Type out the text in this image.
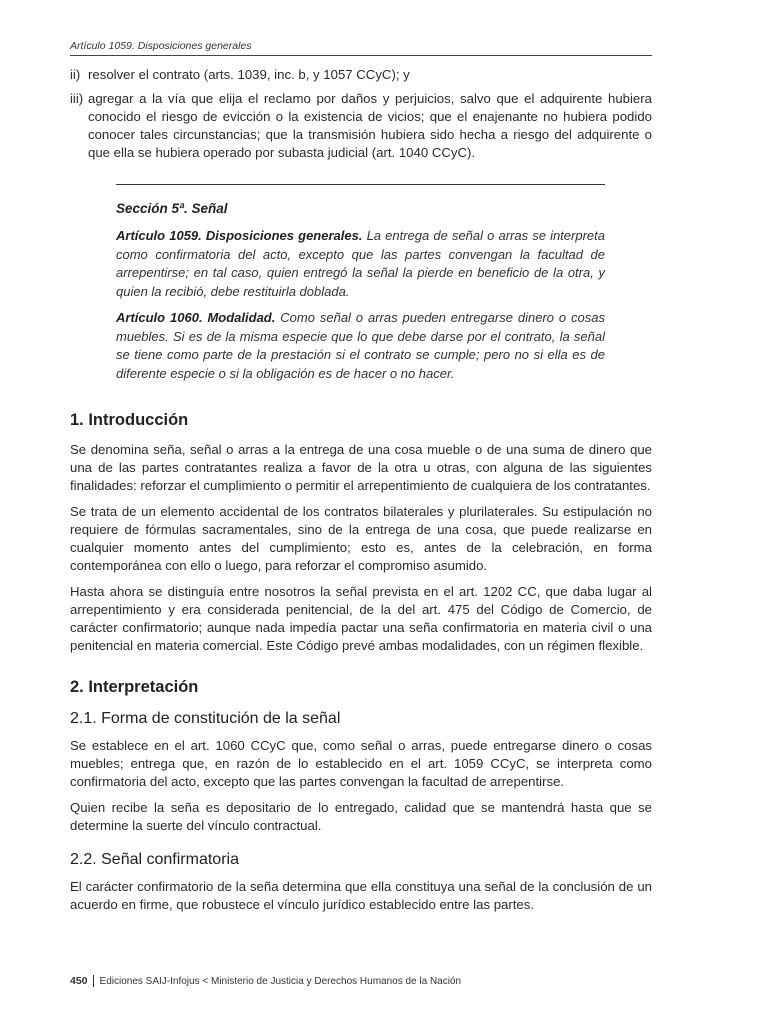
Artículo 1059. Disposiciones generales
ii) resolver el contrato (arts. 1039, inc. b, y 1057 CCyC); y
iii) agregar a la vía que elija el reclamo por daños y perjuicios, salvo que el adquirente hubiera conocido el riesgo de evicción o la existencia de vicios; que el enajenante no hubiera podido conocer tales circunstancias; que la transmisión hubiera sido hecha a riesgo del adquirente o que ella se hubiera operado por subasta judicial (art. 1040 CCyC).
Sección 5ª. Señal

Artículo 1059. Disposiciones generales. La entrega de señal o arras se interpreta como confirmatoria del acto, excepto que las partes convengan la facultad de arrepentirse; en tal caso, quien entregó la señal la pierde en beneficio de la otra, y quien la recibió, debe restituirla doblada.

Artículo 1060. Modalidad. Como señal o arras pueden entregarse dinero o cosas muebles. Si es de la misma especie que lo que debe darse por el contrato, la señal se tiene como parte de la prestación si el contrato se cumple; pero no si ella es de diferente especie o si la obligación es de hacer o no hacer.

1. Introducción

Se denomina seña, señal o arras a la entrega de una cosa mueble o de una suma de dinero que una de las partes contratantes realiza a favor de la otra u otras, con alguna de las siguientes finalidades: reforzar el cumplimiento o permitir el arrepentimiento de cualquiera de los contratantes.

Se trata de un elemento accidental de los contratos bilaterales y plurilaterales. Su estipulación no requiere de fórmulas sacramentales, sino de la entrega de una cosa, que puede realizarse en cualquier momento antes del cumplimiento; esto es, antes de la celebración, en forma contemporánea con ello o luego, para reforzar el compromiso asumido.

Hasta ahora se distinguía entre nosotros la señal prevista en el art. 1202 CC, que daba lugar al arrepentimiento y era considerada penitencial, de la del art. 475 del Código de Comercio, de carácter confirmatorio; aunque nada impedía pactar una seña confirmatoria en materia civil o una penitencial en materia comercial. Este Código prevé ambas modalidades, con un régimen flexible.

2. Interpretación
2.1. Forma de constitución de la señal

Se establece en el art. 1060 CCyC que, como señal o arras, puede entregarse dinero o cosas muebles; entrega que, en razón de lo establecido en el art. 1059 CCyC, se interpreta como confirmatoria del acto, excepto que las partes convengan la facultad de arrepentirse.

Quien recibe la seña es depositario de lo entregado, calidad que se mantendrá hasta que se determine la suerte del vínculo contractual.

2.2. Señal confirmatoria

El carácter confirmatorio de la seña determina que ella constituya una señal de la conclusión de un acuerdo en firme, que robustece el vínculo jurídico establecido entre las partes.

450	Ediciones SAIJ-Infojus < Ministerio de Justicia y Derechos Humanos de la Nación
